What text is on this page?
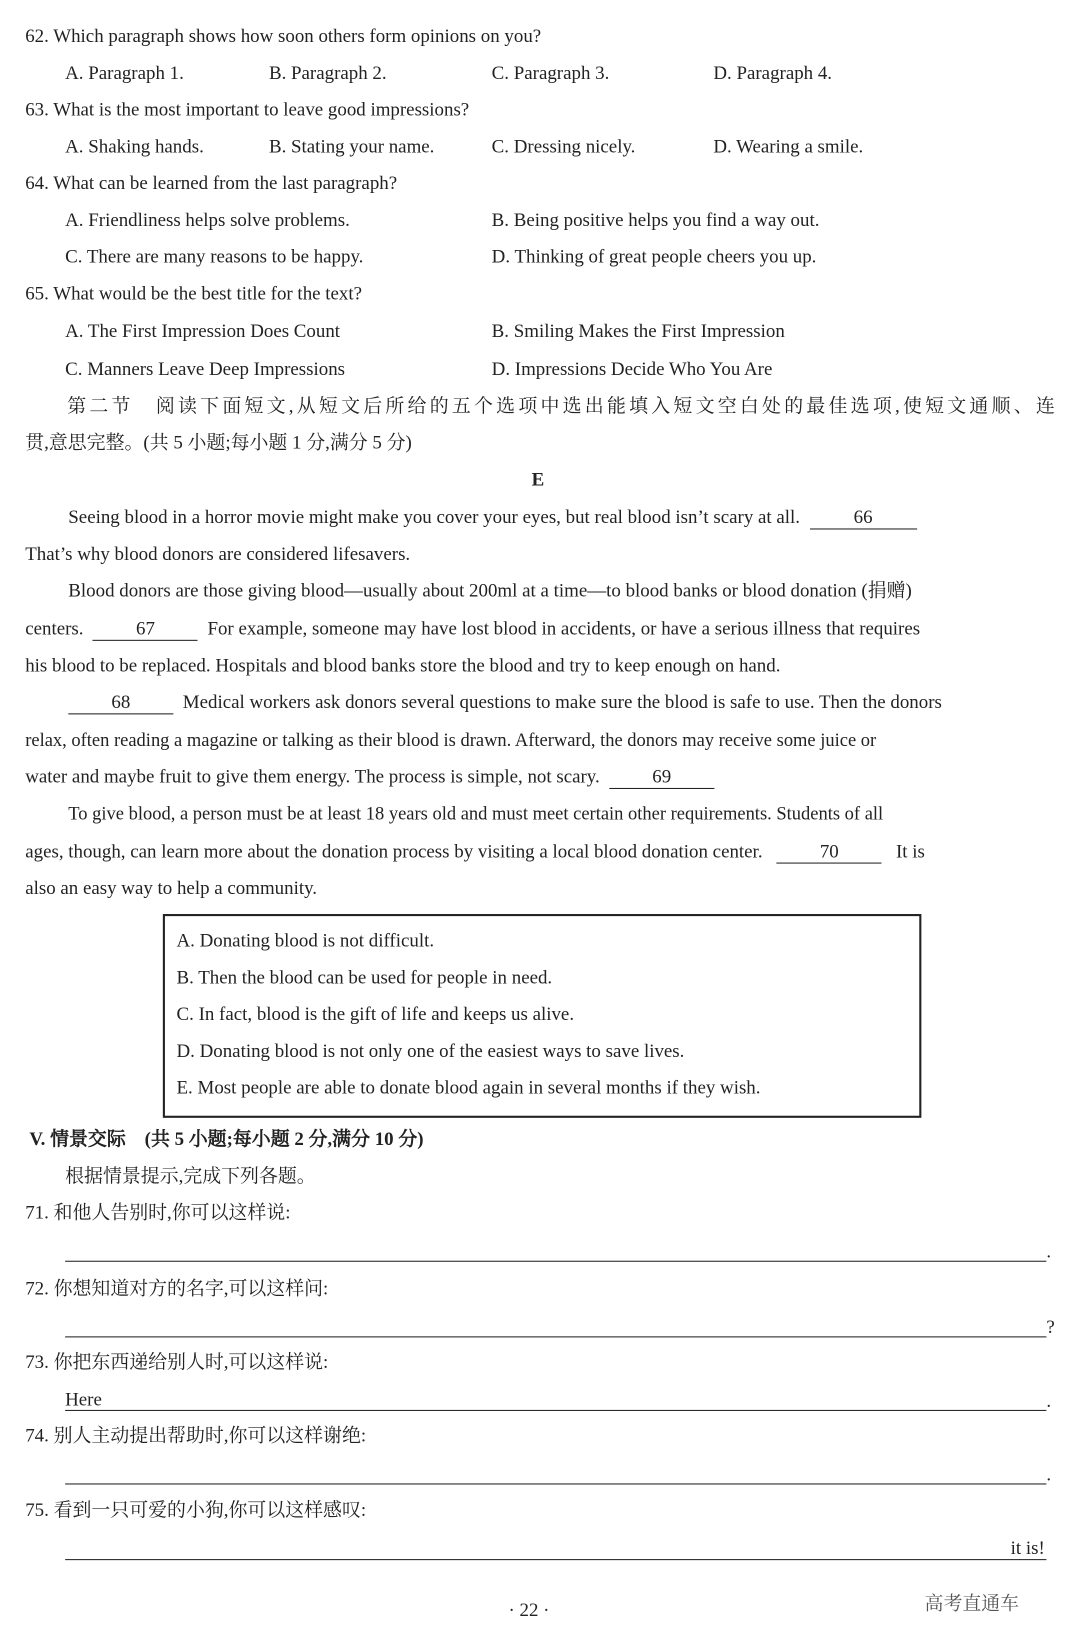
62. Which paragraph shows how soon others form opinions on you?
A. Paragraph 1.	B. Paragraph 2.	C. Paragraph 3.	D. Paragraph 4.
63. What is the most important to leave good impressions?
A. Shaking hands.	B. Stating your name.	C. Dressing nicely.	D. Wearing a smile.
64. What can be learned from the last paragraph?
A. Friendliness helps solve problems.	B. Being positive helps you find a way out.
C. There are many reasons to be happy.	D. Thinking of great people cheers you up.
65. What would be the best title for the text?
A. The First Impression Does Count	B. Smiling Makes the First Impression
C. Manners Leave Deep Impressions	D. Impressions Decide Who You Are
第二节　阅读下面短文,从短文后所给的五个选项中选出能填入短文空白处的最佳选项,使短文通顺、连
贯,意思完整。(共 5 小题;每小题 1 分,满分 5 分)
E
Seeing blood in a horror movie might make you cover your eyes, but real blood isn’t scary at all.	66
That’s why blood donors are considered lifesavers.
Blood donors are those giving blood—usually about 200ml at a time—to blood banks or blood donation (捐赠)
centers.	67	For example, someone may have lost blood in accidents, or have a serious illness that requires
his blood to be replaced. Hospitals and blood banks store the blood and try to keep enough on hand.
68	Medical workers ask donors several questions to make sure the blood is safe to use. Then the donors
relax, often reading a magazine or talking as their blood is drawn. Afterward, the donors may receive some juice or
water and maybe fruit to give them energy. The process is simple, not scary.	69
To give blood, a person must be at least 18 years old and must meet certain other requirements. Students of all
ages, though, can learn more about the donation process by visiting a local blood donation center.	70	It is
also an easy way to help a community.
A. Donating blood is not difficult.
B. Then the blood can be used for people in need.
C. In fact, blood is the gift of life and keeps us alive.
D. Donating blood is not only one of the easiest ways to save lives.
E. Most people are able to donate blood again in several months if they wish.
V. 情景交际　(共 5 小题;每小题 2 分,满分 10 分)
根据情景提示,完成下列各题。
71. 和他人告别时,你可以这样说:
.
72. 你想知道对方的名字,可以这样问:
?
73. 你把东西递给别人时,可以这样说:
Here	.
74. 别人主动提出帮助时,你可以这样谢绝:
.
75. 看到一只可爱的小狗,你可以这样感叹:
it is!
· 22 ·	高考直通车
